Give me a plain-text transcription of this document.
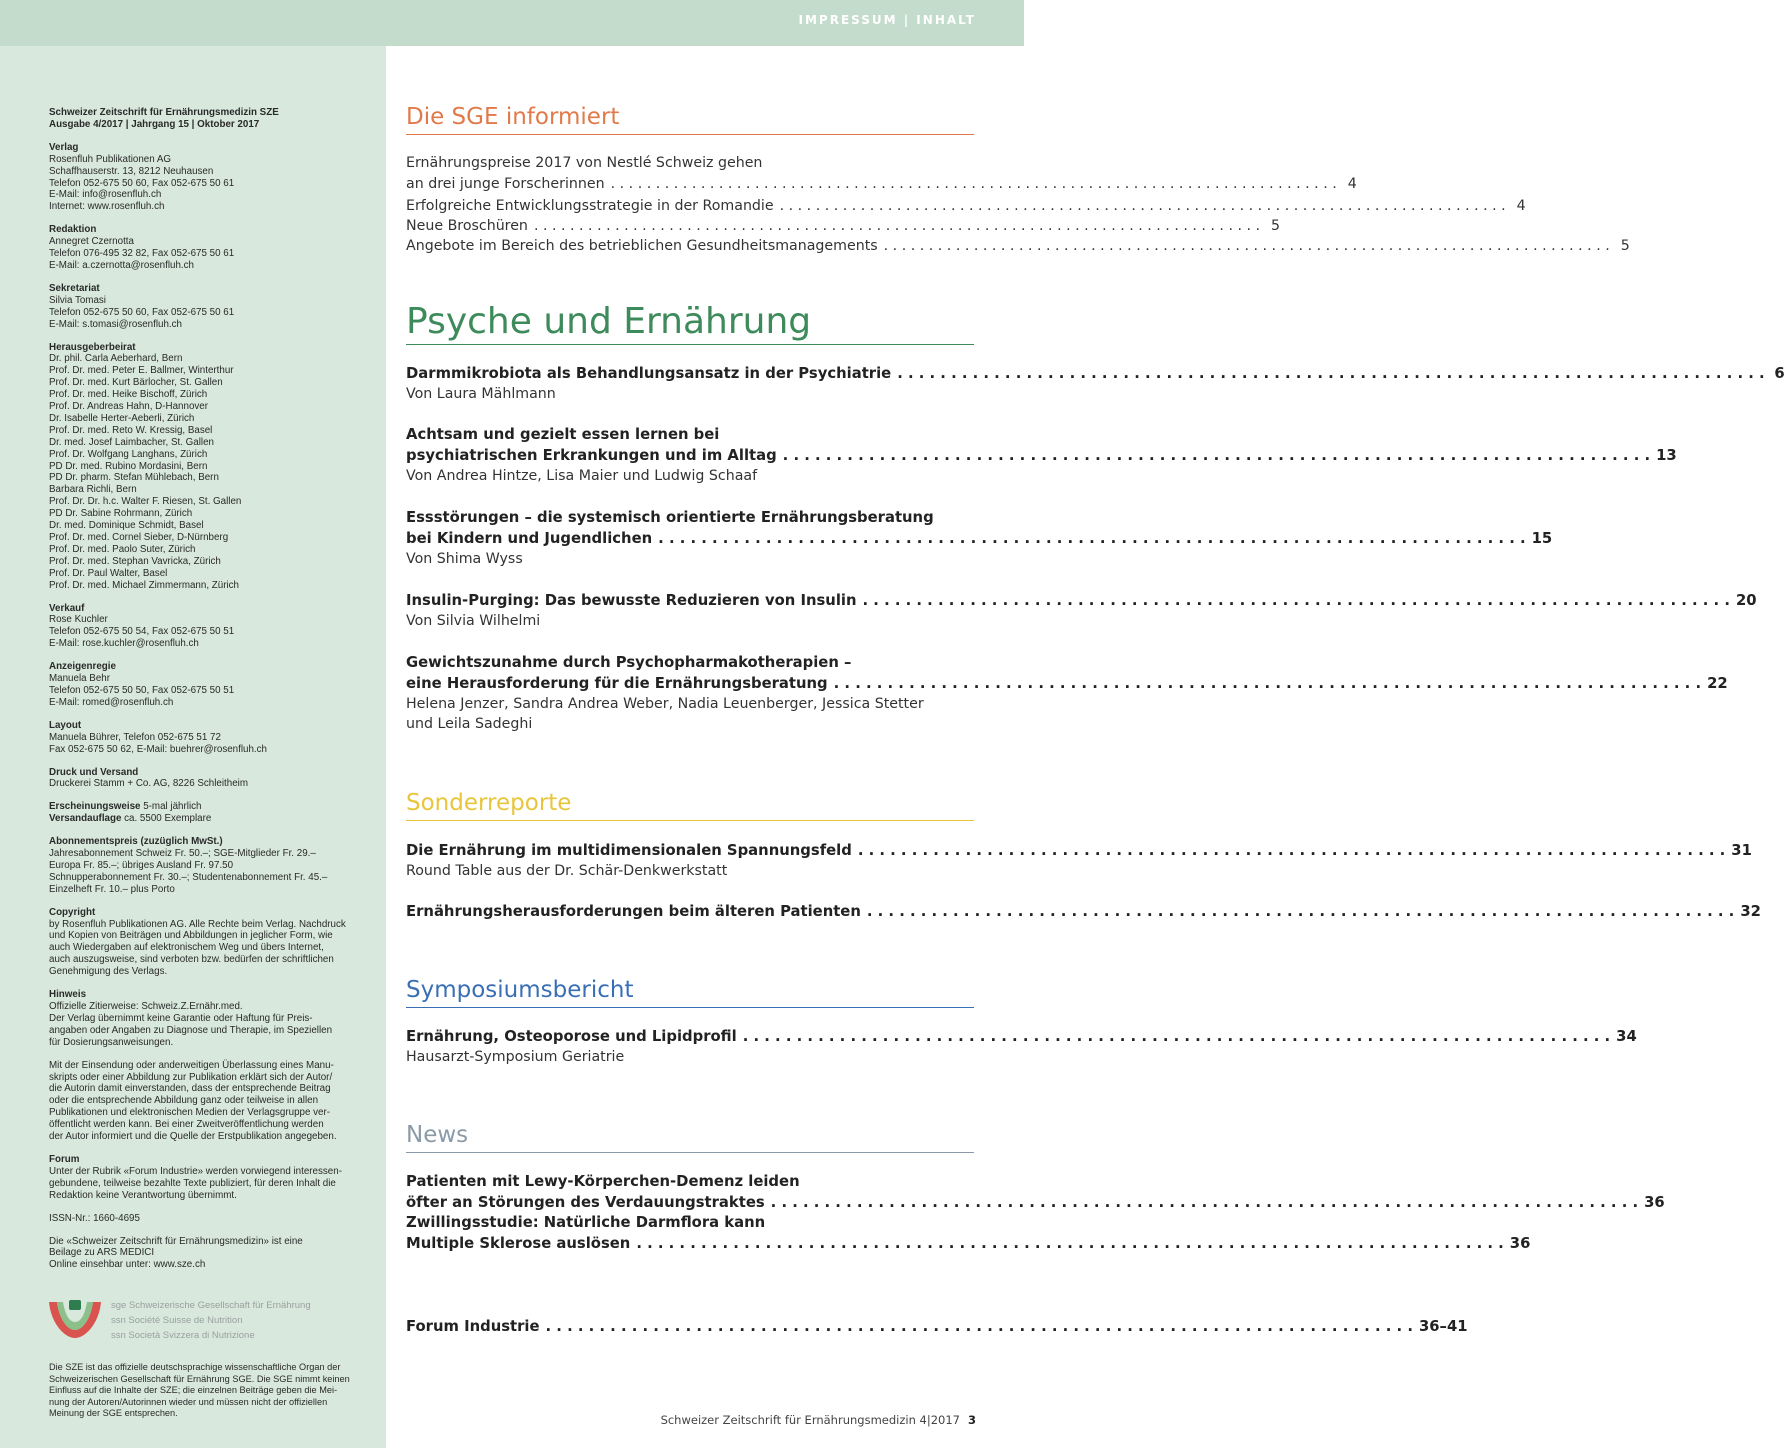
IMPRESSUM | INHALT
Schweizer Zeitschrift für Ernährungsmedizin SZE
Ausgabe 4/2017 | Jahrgang 15 | Oktober 2017
Verlag
Rosenfluh Publikationen AG
Schaffhauserstr. 13, 8212 Neuhausen
Telefon 052-675 50 60, Fax 052-675 50 61
E-Mail: info@rosenfluh.ch
Internet: www.rosenfluh.ch
Redaktion
Annegret Czernotta
Telefon 076-495 32 82, Fax 052-675 50 61
E-Mail: a.czernotta@rosenfluh.ch
Sekretariat
Silvia Tomasi
Telefon 052-675 50 60, Fax 052-675 50 61
E-Mail: s.tomasi@rosenfluh.ch
Herausgeberbeirat
Dr. phil. Carla Aeberhard, Bern
Prof. Dr. med. Peter E. Ballmer, Winterthur
Prof. Dr. med. Kurt Bärlocher, St. Gallen
Prof. Dr. med. Heike Bischoff, Zürich
Prof. Dr. Andreas Hahn, D-Hannover
Dr. Isabelle Herter-Aeberli, Zürich
Prof. Dr. med. Reto W. Kressig, Basel
Dr. med. Josef Laimbacher, St. Gallen
Prof. Dr. Wolfgang Langhans, Zürich
PD Dr. med. Rubino Mordasini, Bern
PD Dr. pharm. Stefan Mühlebach, Bern
Barbara Richli, Bern
Prof. Dr. Dr. h.c. Walter F. Riesen, St. Gallen
PD Dr. Sabine Rohrmann, Zürich
Dr. med. Dominique Schmidt, Basel
Prof. Dr. med. Cornel Sieber, D-Nürnberg
Prof. Dr. med. Paolo Suter, Zürich
Prof. Dr. med. Stephan Vavricka, Zürich
Prof. Dr. Paul Walter, Basel
Prof. Dr. med. Michael Zimmermann, Zürich
Verkauf
Rose Kuchler
Telefon 052-675 50 54, Fax 052-675 50 51
E-Mail: rose.kuchler@rosenfluh.ch
Anzeigenregie
Manuela Behr
Telefon 052-675 50 50, Fax 052-675 50 51
E-Mail: romed@rosenfluh.ch
Layout
Manuela Bührer, Telefon 052-675 51 72
Fax 052-675 50 62, E-Mail: buehrer@rosenfluh.ch
Druck und Versand
Druckerei Stamm + Co. AG, 8226 Schleitheim
Erscheinungsweise 5-mal jährlich
Versandauflage ca. 5500 Exemplare
Abonnementspreis (zuzüglich MwSt.)
Jahresabonnement Schweiz Fr. 50.–; SGE-Mitglieder Fr. 29.–
Europa Fr. 85.–; übriges Ausland Fr. 97.50
Schnupperabonnement Fr. 30.–; Studentenabonnement Fr. 45.–
Einzelheft Fr. 10.– plus Porto
Copyright
by Rosenfluh Publikationen AG. Alle Rechte beim Verlag. Nachdruck
und Kopien von Beiträgen und Abbildungen in jeglicher Form, wie
auch Wiedergaben auf elektronischem Weg und übers Internet,
auch auszugsweise, sind verboten bzw. bedürfen der schriftlichen
Genehmigung des Verlags.
Hinweis
Offizielle Zitierweise: Schweiz.Z.Ernähr.med.
Der Verlag übernimmt keine Garantie oder Haftung für Preis-
angaben oder Angaben zu Diagnose und Therapie, im Speziellen
für Dosierungsanweisungen.
Mit der Einsendung oder anderweitigen Überlassung eines Manu-
skripts oder einer Abbildung zur Publikation erklärt sich der Autor/
die Autorin damit einverstanden, dass der entsprechende Beitrag
oder die entsprechende Abbildung ganz oder teilweise in allen
Publikationen und elektronischen Medien der Verlagsgruppe ver-
öffentlicht werden kann. Bei einer Zweitveröffentlichung werden
der Autor informiert und die Quelle der Erstpublikation angegeben.
Forum
Unter der Rubrik «Forum Industrie» werden vorwiegend interessen-
gebundene, teilweise bezahlte Texte publiziert, für deren Inhalt die
Redaktion keine Verantwortung übernimmt.
ISSN-Nr.: 1660-4695
Die «Schweizer Zeitschrift für Ernährungsmedizin» ist eine
Beilage zu ARS MEDICI
Online einsehbar unter: www.sze.ch
sge Schweizerische Gesellschaft für Ernährung
ssn Société Suisse de Nutrition
ssn Società Svizzera di Nutrizione
Die SZE ist das offizielle deutschsprachige wissenschaftliche Organ der
Schweizerischen Gesellschaft für Ernährung SGE. Die SGE nimmt keinen
Einfluss auf die Inhalte der SZE; die einzelnen Beiträge geben die Mei-
nung der Autoren/Autorinnen wieder und müssen nicht der offiziellen
Meinung der SGE entsprechen.
Die SGE informiert
Psyche und Ernährung
Sonderreporte
Symposiumsbericht
News
Ernährungspreise 2017 von Nestlé Schweiz gehen
an drei junge Forscherinnen . . . . . . . . . . . . . . . . . . . . . . . . . . . . . . . . . . . . . . . . . . . . . . . . . . . . . . . . . . . . . . . . . . . . . . . . . . . . . . . . . 4
Erfolgreiche Entwicklungsstrategie in der Romandie . . . . . . . . . . . . . . . . . . . . . . . . . . . . . . . . . . . . . . . . . . . . . . . . . . . . . . . . . . . . . . . . . . . . . . . . . . . . . . . . . 4
Neue Broschüren . . . . . . . . . . . . . . . . . . . . . . . . . . . . . . . . . . . . . . . . . . . . . . . . . . . . . . . . . . . . . . . . . . . . . . . . . . . . . . . . . 5
Angebote im Bereich des betrieblichen Gesundheitsmanagements . . . . . . . . . . . . . . . . . . . . . . . . . . . . . . . . . . . . . . . . . . . . . . . . . . . . . . . . . . . . . . . . . . . . . . . . . . . . . . . . . 5
Darmmikrobiota als Behandlungsansatz in der Psychiatrie . . . . . . . . . . . . . . . . . . . . . . . . . . . . . . . . . . . . . . . . . . . . . . . . . . . . . . . . . . . . . . . . . . . . . . . . . . . . . . . . . 6
Von Laura Mählmann
Achtsam und gezielt essen lernen bei
psychiatrischen Erkrankungen und im Alltag . . . . . . . . . . . . . . . . . . . . . . . . . . . . . . . . . . . . . . . . . . . . . . . . . . . . . . . . . . . . . . . . . . . . . . . . . . . . . . . . . 13
Von Andrea Hintze, Lisa Maier und Ludwig Schaaf
Essstörungen – die systemisch orientierte Ernährungsberatung
bei Kindern und Jugendlichen . . . . . . . . . . . . . . . . . . . . . . . . . . . . . . . . . . . . . . . . . . . . . . . . . . . . . . . . . . . . . . . . . . . . . . . . . . . . . . . . . 15
Von Shima Wyss
Insulin-Purging: Das bewusste Reduzieren von Insulin . . . . . . . . . . . . . . . . . . . . . . . . . . . . . . . . . . . . . . . . . . . . . . . . . . . . . . . . . . . . . . . . . . . . . . . . . . . . . . . . . 20
Von Silvia Wilhelmi
Gewichtszunahme durch Psychopharmakotherapien –
eine Herausforderung für die Ernährungsberatung . . . . . . . . . . . . . . . . . . . . . . . . . . . . . . . . . . . . . . . . . . . . . . . . . . . . . . . . . . . . . . . . . . . . . . . . . . . . . . . . . 22
Helena Jenzer, Sandra Andrea Weber, Nadia Leuenberger, Jessica Stetter
und Leila Sadeghi
Die Ernährung im multidimensionalen Spannungsfeld . . . . . . . . . . . . . . . . . . . . . . . . . . . . . . . . . . . . . . . . . . . . . . . . . . . . . . . . . . . . . . . . . . . . . . . . . . . . . . . . . 31
Round Table aus der Dr. Schär-Denkwerkstatt
Ernährungsherausforderungen beim älteren Patienten . . . . . . . . . . . . . . . . . . . . . . . . . . . . . . . . . . . . . . . . . . . . . . . . . . . . . . . . . . . . . . . . . . . . . . . . . . . . . . . . . 32
Ernährung, Osteoporose und Lipidprofil . . . . . . . . . . . . . . . . . . . . . . . . . . . . . . . . . . . . . . . . . . . . . . . . . . . . . . . . . . . . . . . . . . . . . . . . . . . . . . . . . 34
Hausarzt-Symposium Geriatrie
Patienten mit Lewy-Körperchen-Demenz leiden
öfter an Störungen des Verdauungstraktes . . . . . . . . . . . . . . . . . . . . . . . . . . . . . . . . . . . . . . . . . . . . . . . . . . . . . . . . . . . . . . . . . . . . . . . . . . . . . . . . . 36
Zwillingsstudie: Natürliche Darmflora kann
Multiple Sklerose auslösen . . . . . . . . . . . . . . . . . . . . . . . . . . . . . . . . . . . . . . . . . . . . . . . . . . . . . . . . . . . . . . . . . . . . . . . . . . . . . . . . . 36
Forum Industrie . . . . . . . . . . . . . . . . . . . . . . . . . . . . . . . . . . . . . . . . . . . . . . . . . . . . . . . . . . . . . . . . . . . . . . . . . . . . . . . . . 36–41
Schweizer Zeitschrift für Ernährungsmedizin 4|2017 3
